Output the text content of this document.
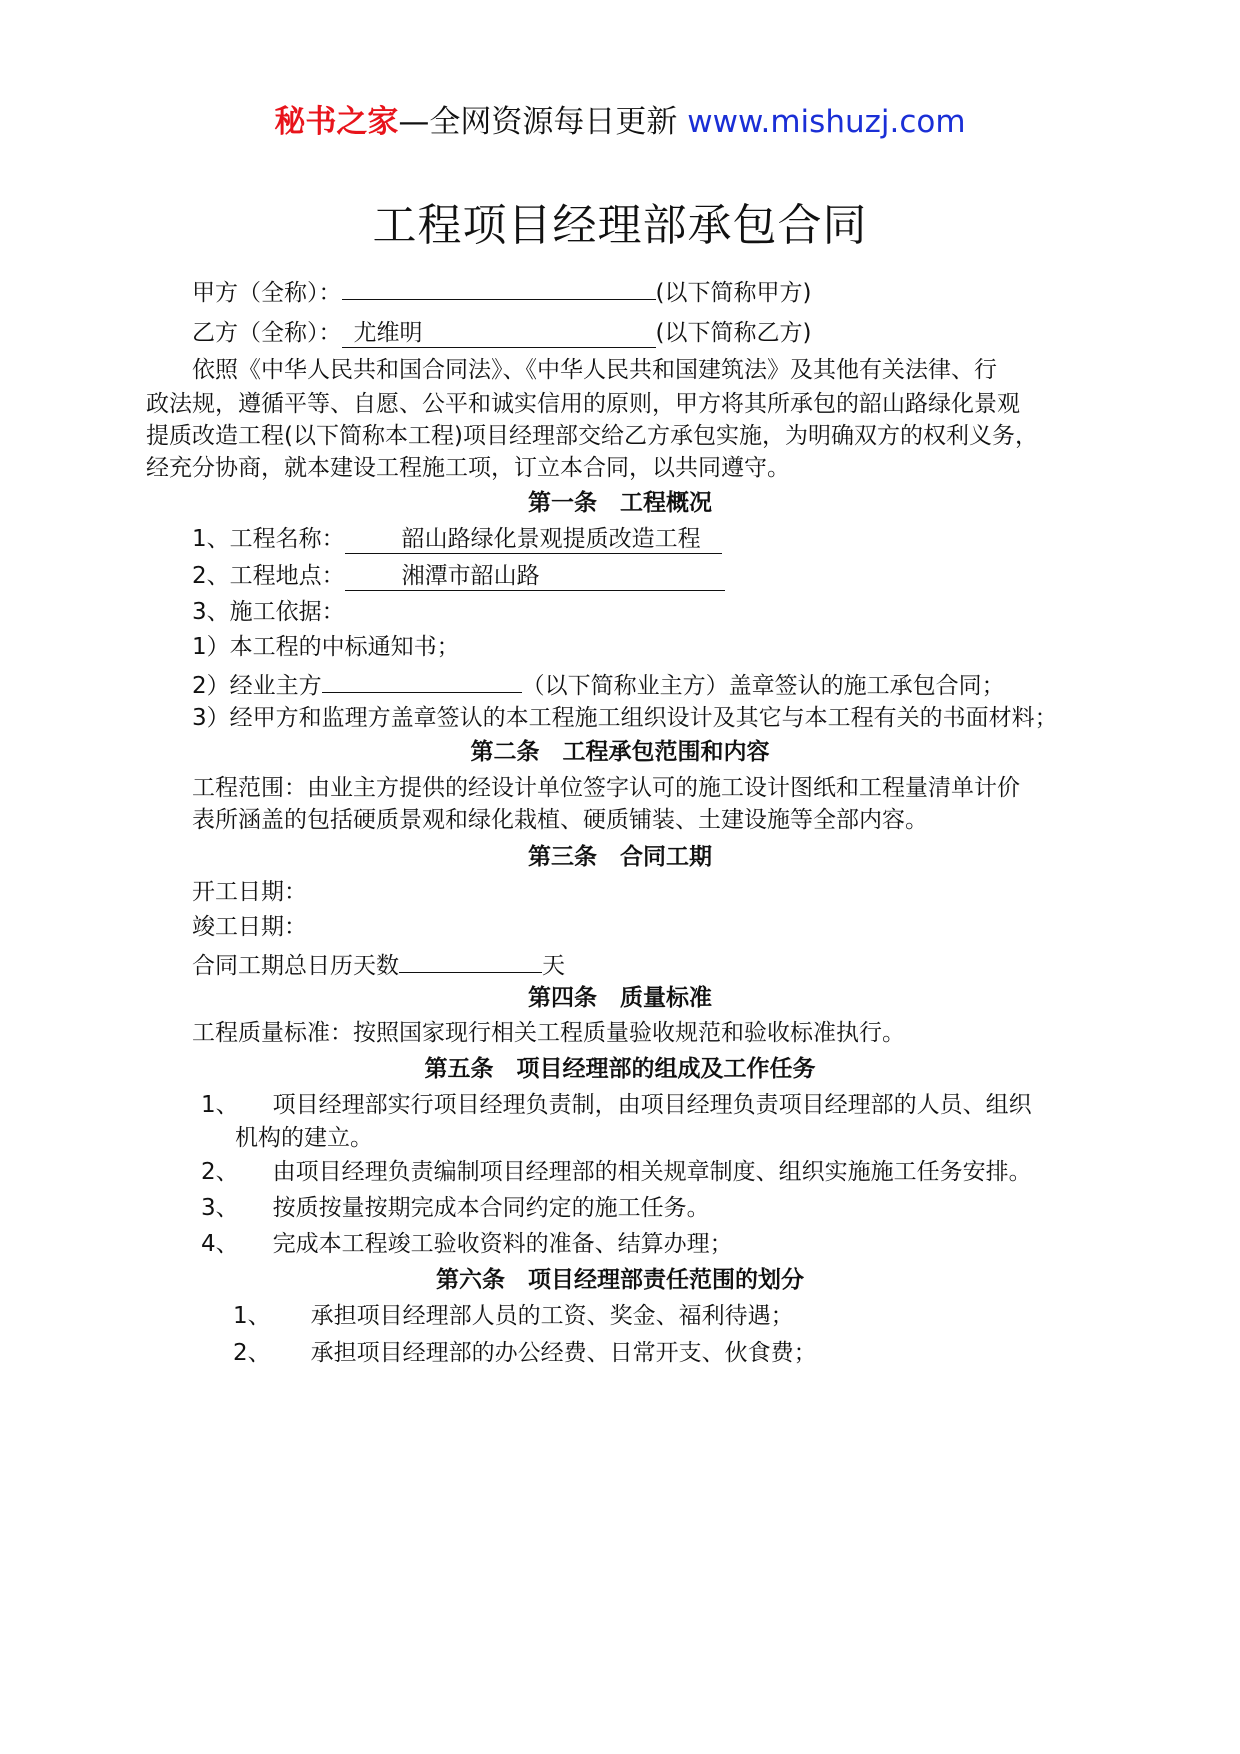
秘书之家—全网资源每日更新 www.mishuzj.com
工程项目经理部承包合同
甲方（全称）：	(以下简称甲方)
乙方（全称）： 尤维明	(以下简称乙方)
依照《中华人民共和国合同法》、《中华人民共和国建筑法》及其他有关法律、行
政法规，遵循平等、自愿、公平和诚实信用的原则，甲方将其所承包的韶山路绿化景观
提质改造工程(以下简称本工程)项目经理部交给乙方承包实施，为明确双方的权利义务，
经充分协商，就本建设工程施工项，订立本合同，以共同遵守。
第一条　工程概况
1、工程名称： 韶山路绿化景观提质改造工程
2、工程地点： 湘潭市韶山路
3、施工依据：
1）本工程的中标通知书；
2）经业主方	（以下简称业主方）盖章签认的施工承包合同；
3）经甲方和监理方盖章签认的本工程施工组织设计及其它与本工程有关的书面材料；
第二条　工程承包范围和内容
工程范围：由业主方提供的经设计单位签字认可的施工设计图纸和工程量清单计价
表所涵盖的包括硬质景观和绿化栽植、硬质铺装、土建设施等全部内容。
第三条　合同工期
开工日期：
竣工日期：
合同工期总日历天数	天
第四条　质量标准
工程质量标准：按照国家现行相关工程质量验收规范和验收标准执行。
第五条　项目经理部的组成及工作任务
1、 项目经理部实行项目经理负责制，由项目经理负责项目经理部的人员、组织
机构的建立。
2、 由项目经理负责编制项目经理部的相关规章制度、组织实施施工任务安排。
3、 按质按量按期完成本合同约定的施工任务。
4、 完成本工程竣工验收资料的准备、结算办理；
第六条　项目经理部责任范围的划分
1、 承担项目经理部人员的工资、奖金、福利待遇；
2、 承担项目经理部的办公经费、日常开支、伙食费；
